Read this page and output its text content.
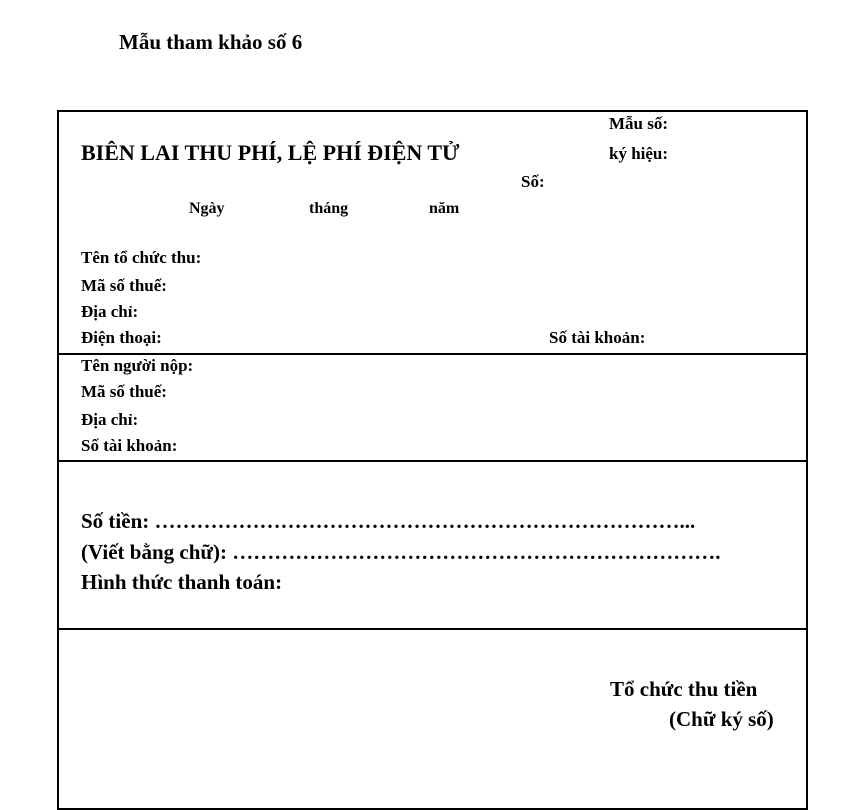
Mẫu tham khảo số 6
Mẫu số:
ký hiệu:
BIÊN LAI THU PHÍ, LỆ PHÍ ĐIỆN TỬ
Số:
Ngày	tháng	năm
Tên tổ chức thu:
Mã số thuế:
Địa chỉ:
Điện thoại:	Số tài khoản:
Tên người nộp:
Mã số thuế:
Địa chỉ:
Số tài khoản:
Số tiền: …………………………………………………………………...
(Viết bằng chữ): …………………………………………………………….
Hình thức thanh toán:
Tổ chức thu tiền
(Chữ ký số)
